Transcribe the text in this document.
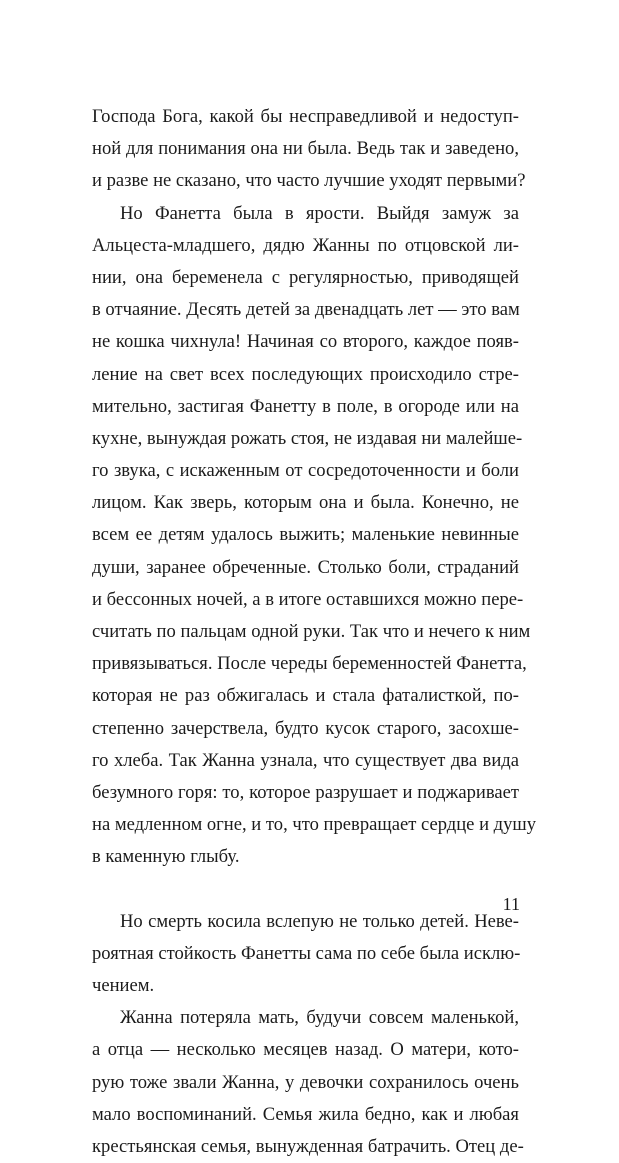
Господа Бога, какой бы несправедливой и недоступ-
ной для понимания она ни была. Ведь так и заведено,
и разве не сказано, что часто лучшие уходят первыми?
Но Фанетта была в ярости. Выйдя замуж за
Альцеста-младшего, дядю Жанны по отцовской ли-
нии, она беременела с регулярностью, приводящей
в отчаяние. Десять детей за двенадцать лет — это вам
не кошка чихнула! Начиная со второго, каждое появ-
ление на свет всех последующих происходило стре-
мительно, застигая Фанетту в поле, в огороде или на
кухне, вынуждая рожать стоя, не издавая ни малейше-
го звука, с искаженным от сосредоточенности и боли
лицом. Как зверь, которым она и была. Конечно, не
всем ее детям удалось выжить; маленькие невинные
души, заранее обреченные. Столько боли, страданий
и бессонных ночей, а в итоге оставшихся можно пере-
считать по пальцам одной руки. Так что и нечего к ним
привязываться. После череды беременностей Фанетта,
которая не раз обжигалась и стала фаталисткой, по-
степенно зачерствела, будто кусок старого, засохше-
го хлеба. Так Жанна узнала, что существует два вида
безумного горя: то, которое разрушает и поджаривает
на медленном огне, и то, что превращает сердце и душу
в каменную глыбу.
Но смерть косила вслепую не только детей. Неве-
роятная стойкость Фанетты сама по себе была исклю-
чением.
Жанна потеряла мать, будучи совсем маленькой,
а отца — несколько месяцев назад. О матери, кото-
рую тоже звали Жанна, у девочки сохранилось очень
мало воспоминаний. Семья жила бедно, как и любая
крестьянская семья, вынужденная батрачить. Отец де-
11
